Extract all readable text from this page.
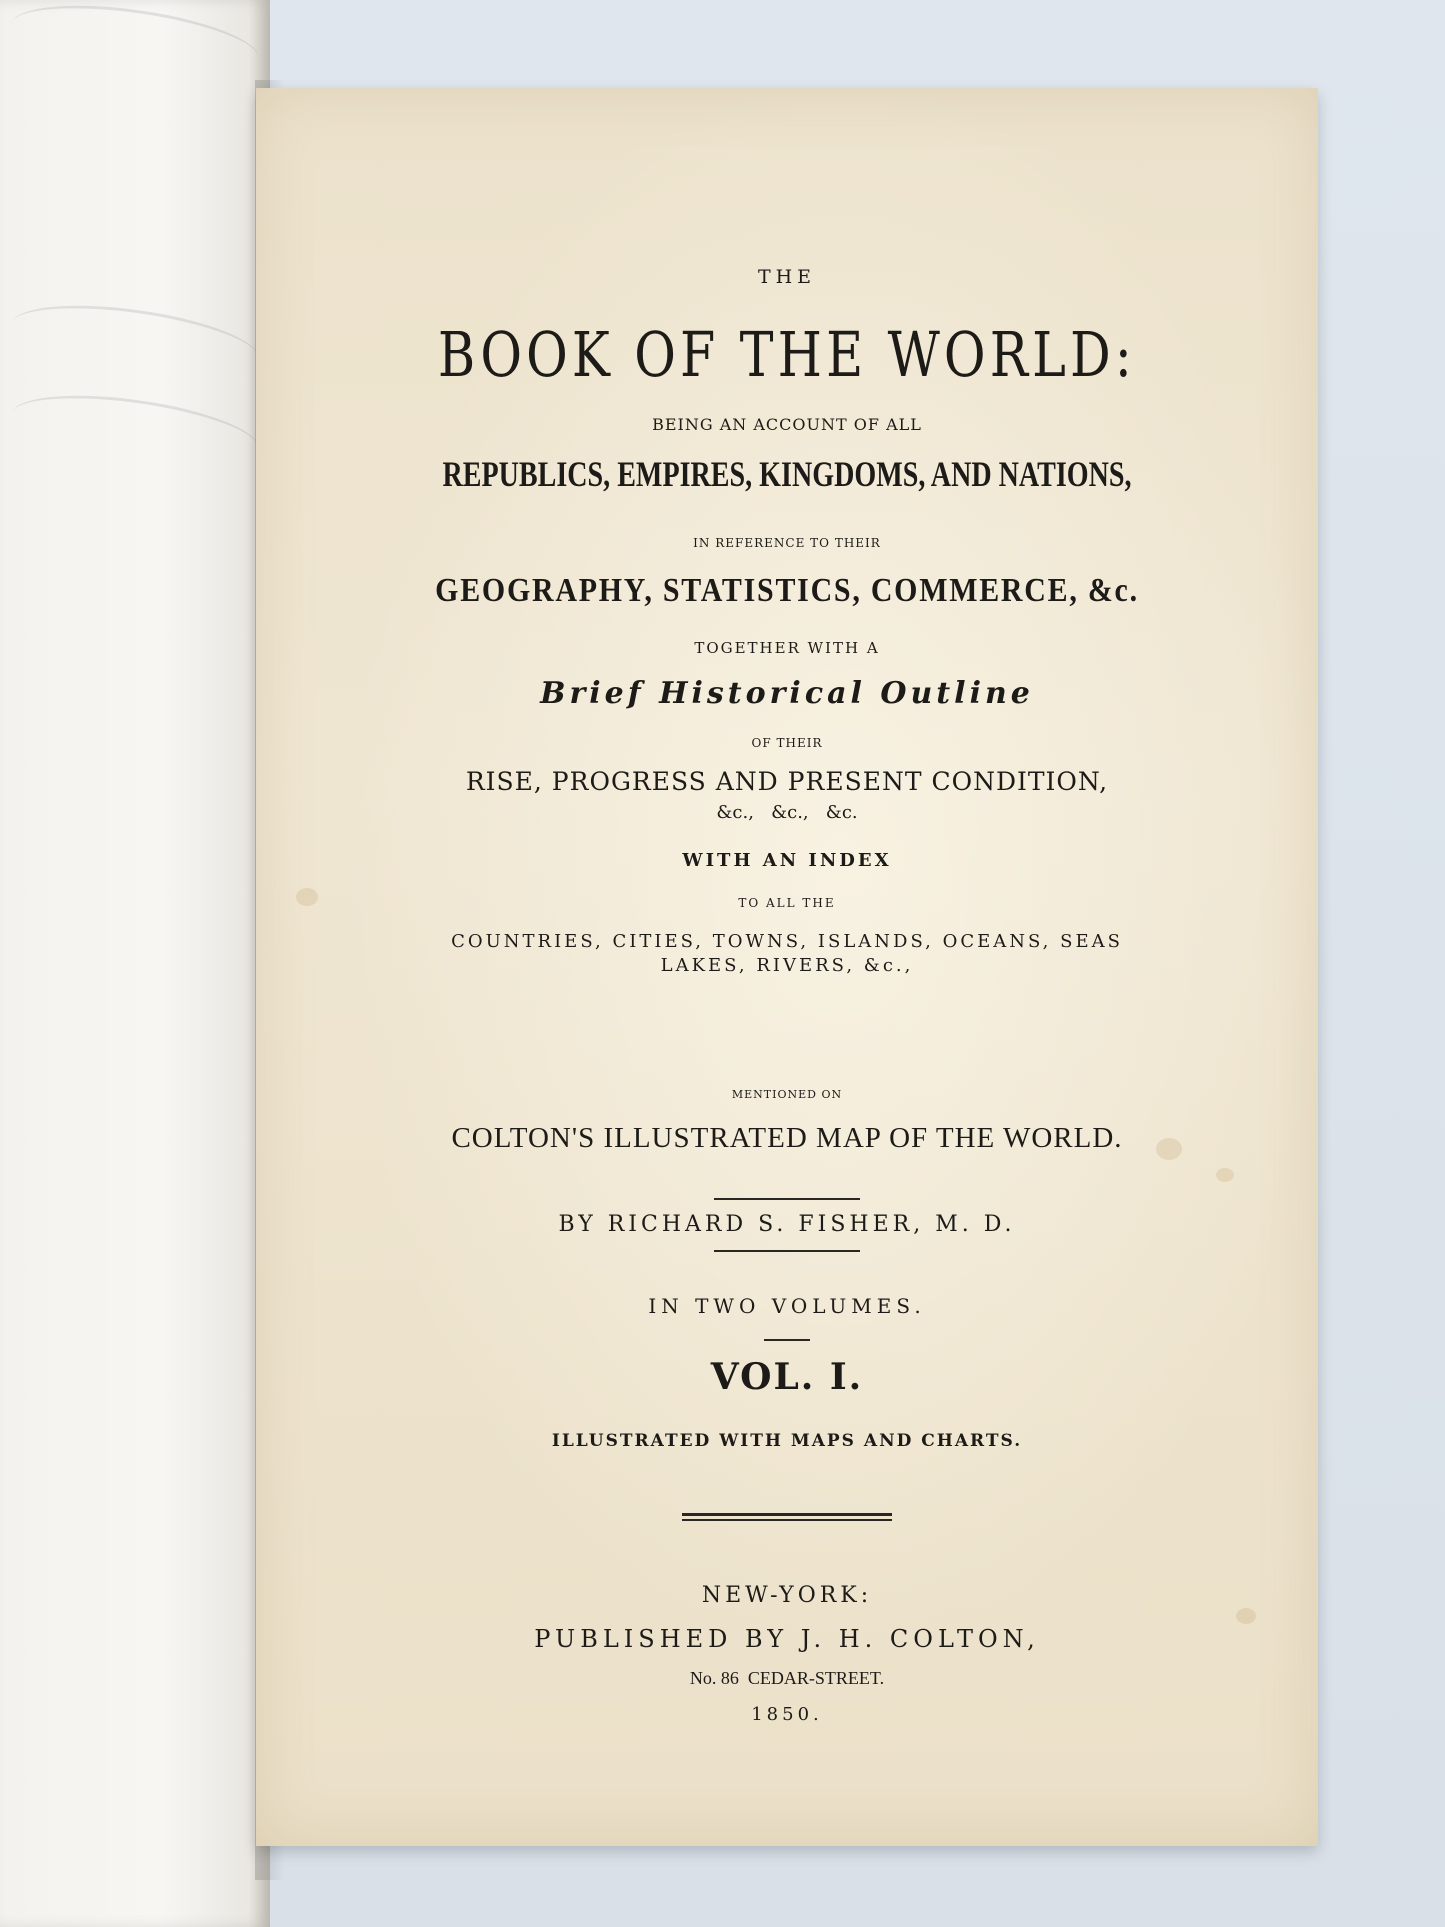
THE
BOOK OF THE WORLD:
BEING AN ACCOUNT OF ALL
REPUBLICS, EMPIRES, KINGDOMS, AND NATIONS,
IN REFERENCE TO THEIR
GEOGRAPHY, STATISTICS, COMMERCE, &c.
TOGETHER WITH A
Brief Historical Outline
OF THEIR
RISE, PROGRESS AND PRESENT CONDITION,
&c.,   &c.,   &c.
WITH AN INDEX
TO ALL THE
COUNTRIES, CITIES, TOWNS, ISLANDS, OCEANS, SEAS
LAKES, RIVERS, &c.,
MENTIONED ON
COLTON'S ILLUSTRATED MAP OF THE WORLD.
BY RICHARD S. FISHER, M. D.
IN TWO VOLUMES.
VOL. I.
ILLUSTRATED WITH MAPS AND CHARTS.
NEW-YORK:
PUBLISHED BY J. H. COLTON,
No. 86  CEDAR-STREET.
1850.
